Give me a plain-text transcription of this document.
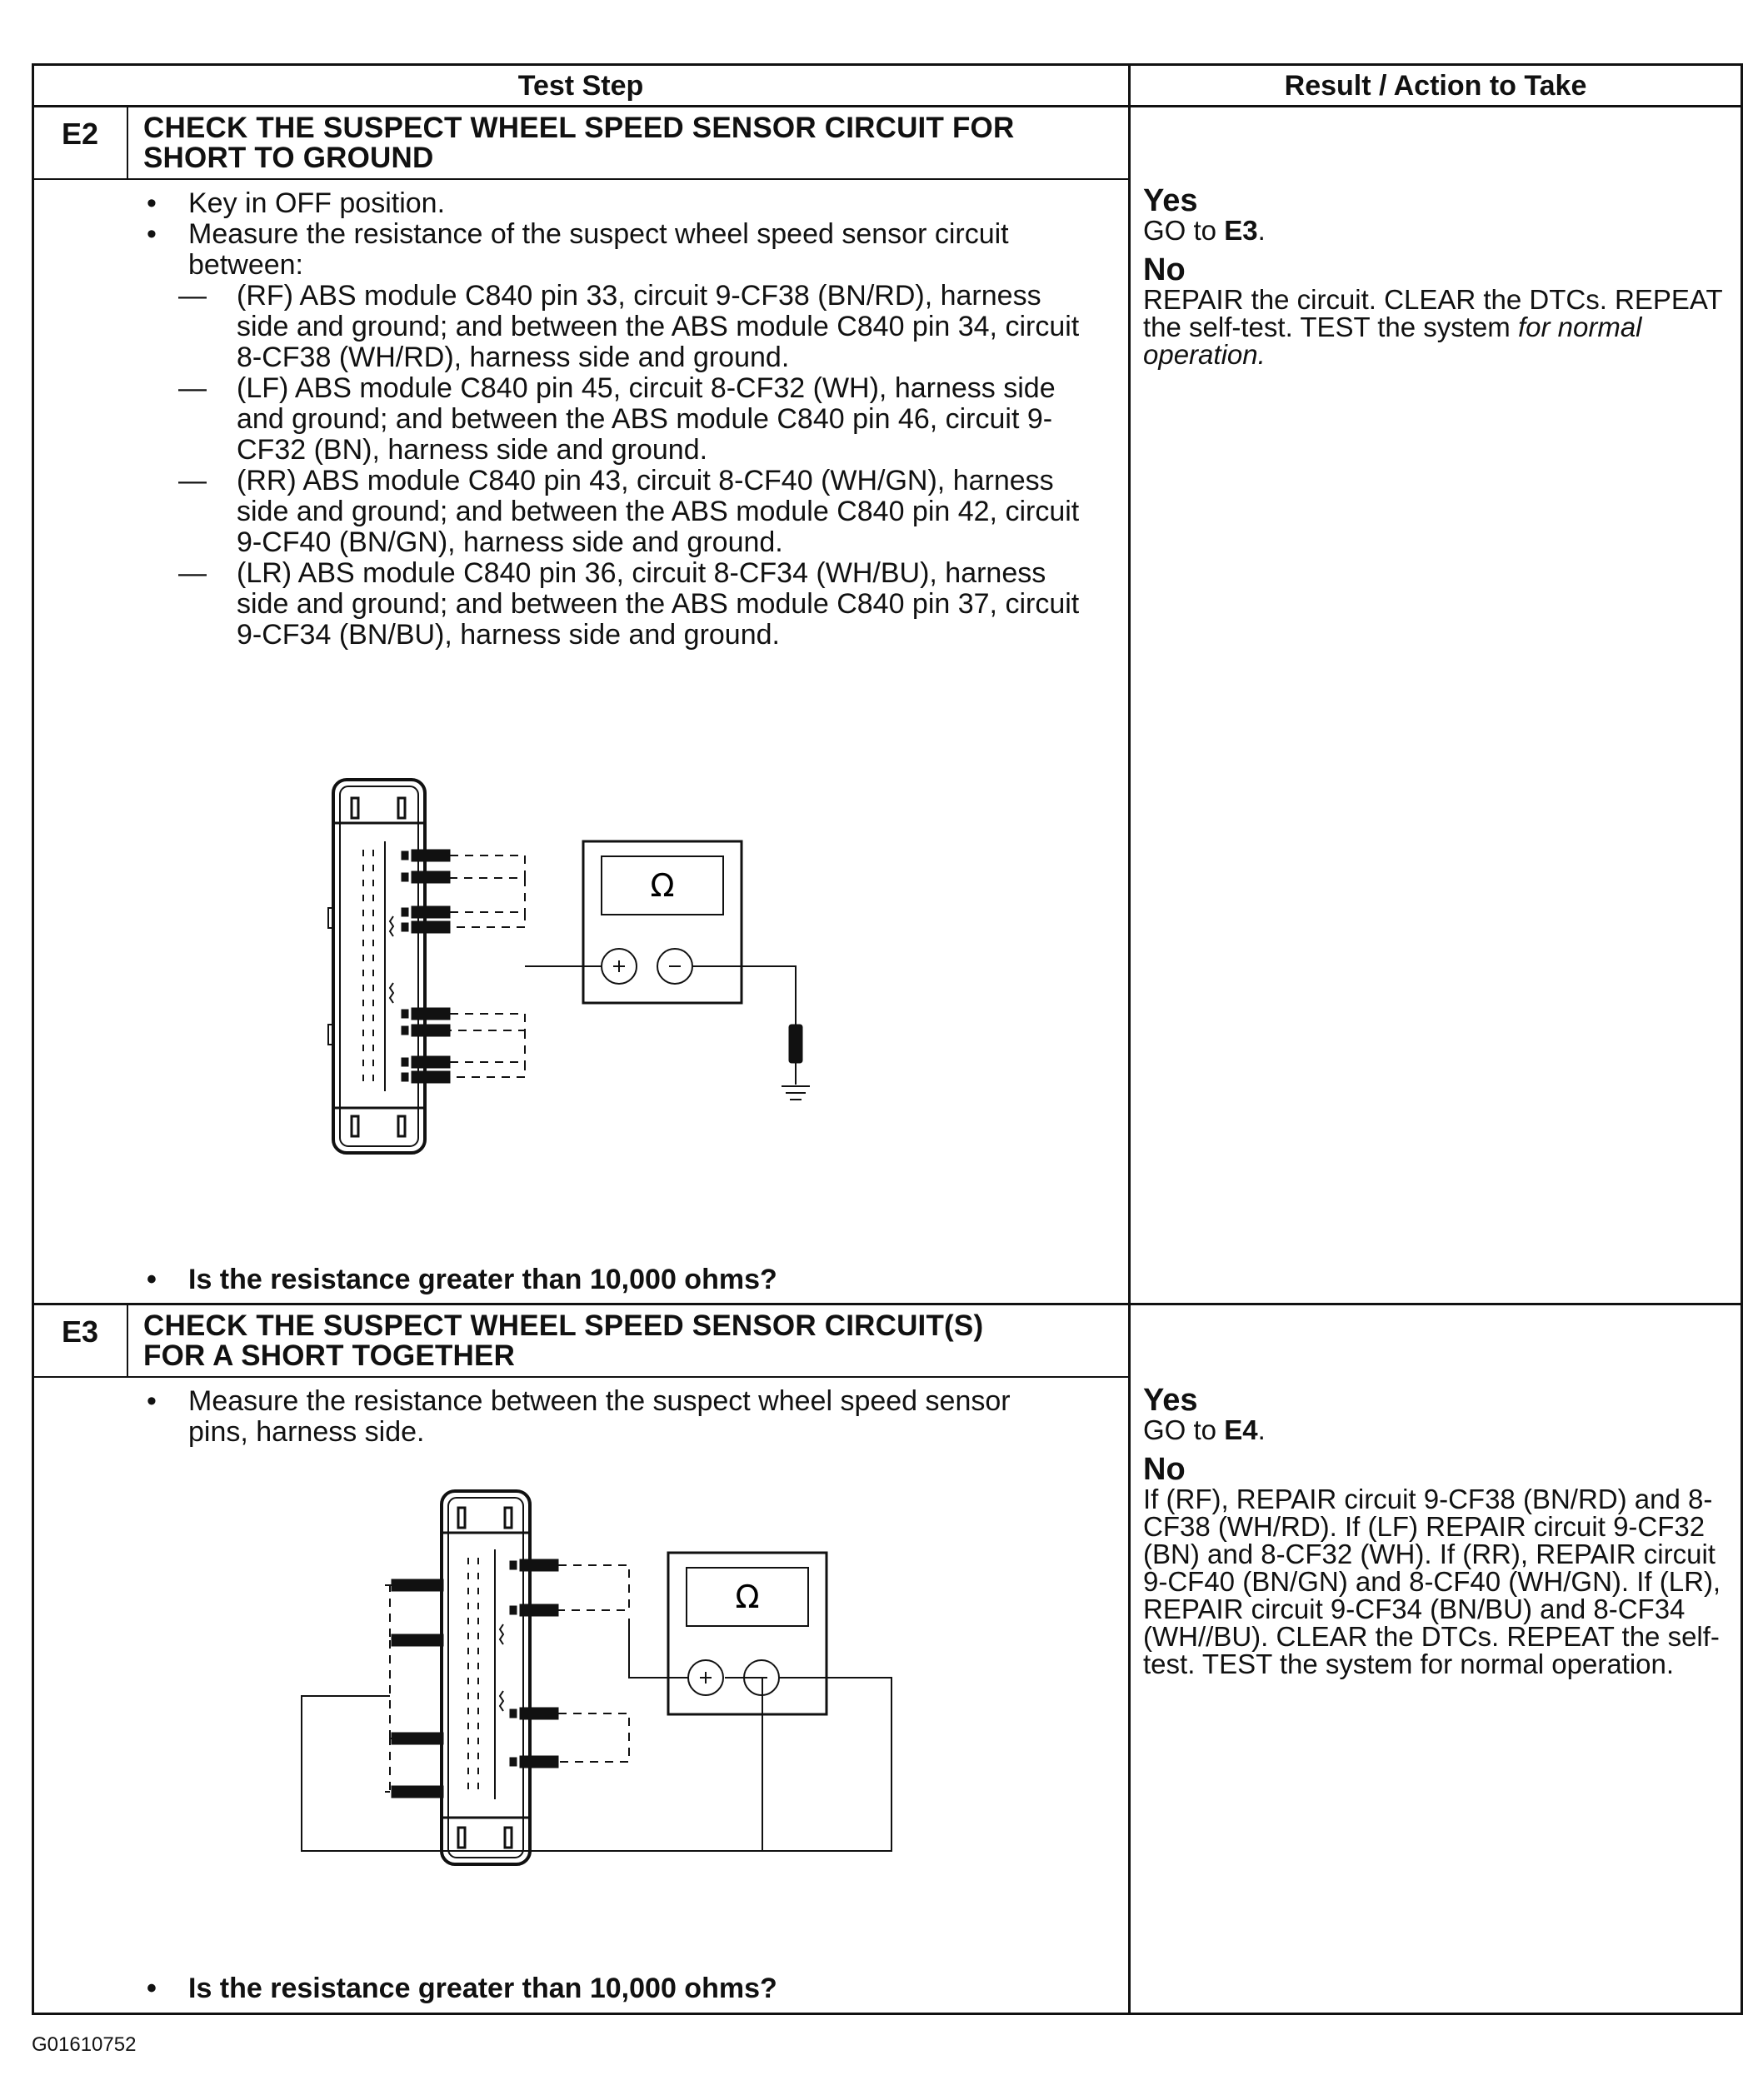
Test Step	Result / Action to Take
E2	CHECK THE SUSPECT WHEEL SPEED SENSOR CIRCUIT FOR
SHORT TO GROUND
• Key in OFF position.
• Measure the resistance of the suspect wheel speed sensor circuit between:
— (RF) ABS module C840 pin 33, circuit 9-CF38 (BN/RD), harness side and ground; and between the ABS module C840 pin 34, circuit 8-CF38 (WH/RD), harness side and ground.
— (LF) ABS module C840 pin 45, circuit 8-CF32 (WH), harness side and ground; and between the ABS module C840 pin 46, circuit 9-CF32 (BN), harness side and ground.
— (RR) ABS module C840 pin 43, circuit 8-CF40 (WH/GN), harness side and ground; and between the ABS module C840 pin 42, circuit 9-CF40 (BN/GN), harness side and ground.
— (LR) ABS module C840 pin 36, circuit 8-CF34 (WH/BU), harness side and ground; and between the ABS module C840 pin 37, circuit 9-CF34 (BN/BU), harness side and ground.
Ω
• Is the resistance greater than 10,000 ohms?
Yes
GO to E3.
No
REPAIR the circuit. CLEAR the DTCs. REPEAT the self-test. TEST the system for normal operation.
E3	CHECK THE SUSPECT WHEEL SPEED SENSOR CIRCUIT(S)
FOR A SHORT TOGETHER
• Measure the resistance between the suspect wheel speed sensor pins, harness side.
Ω
• Is the resistance greater than 10,000 ohms?
Yes
GO to E4.
No
If (RF), REPAIR circuit 9-CF38 (BN/RD) and 8-CF38 (WH/RD). If (LF) REPAIR circuit 9-CF32 (BN) and 8-CF32 (WH). If (RR), REPAIR circuit 9-CF40 (BN/GN) and 8-CF40 (WH/GN). If (LR), REPAIR circuit 9-CF34 (BN/BU) and 8-CF34 (WH//BU). CLEAR the DTCs. REPEAT the self-test. TEST the system for normal operation.
G01610752
